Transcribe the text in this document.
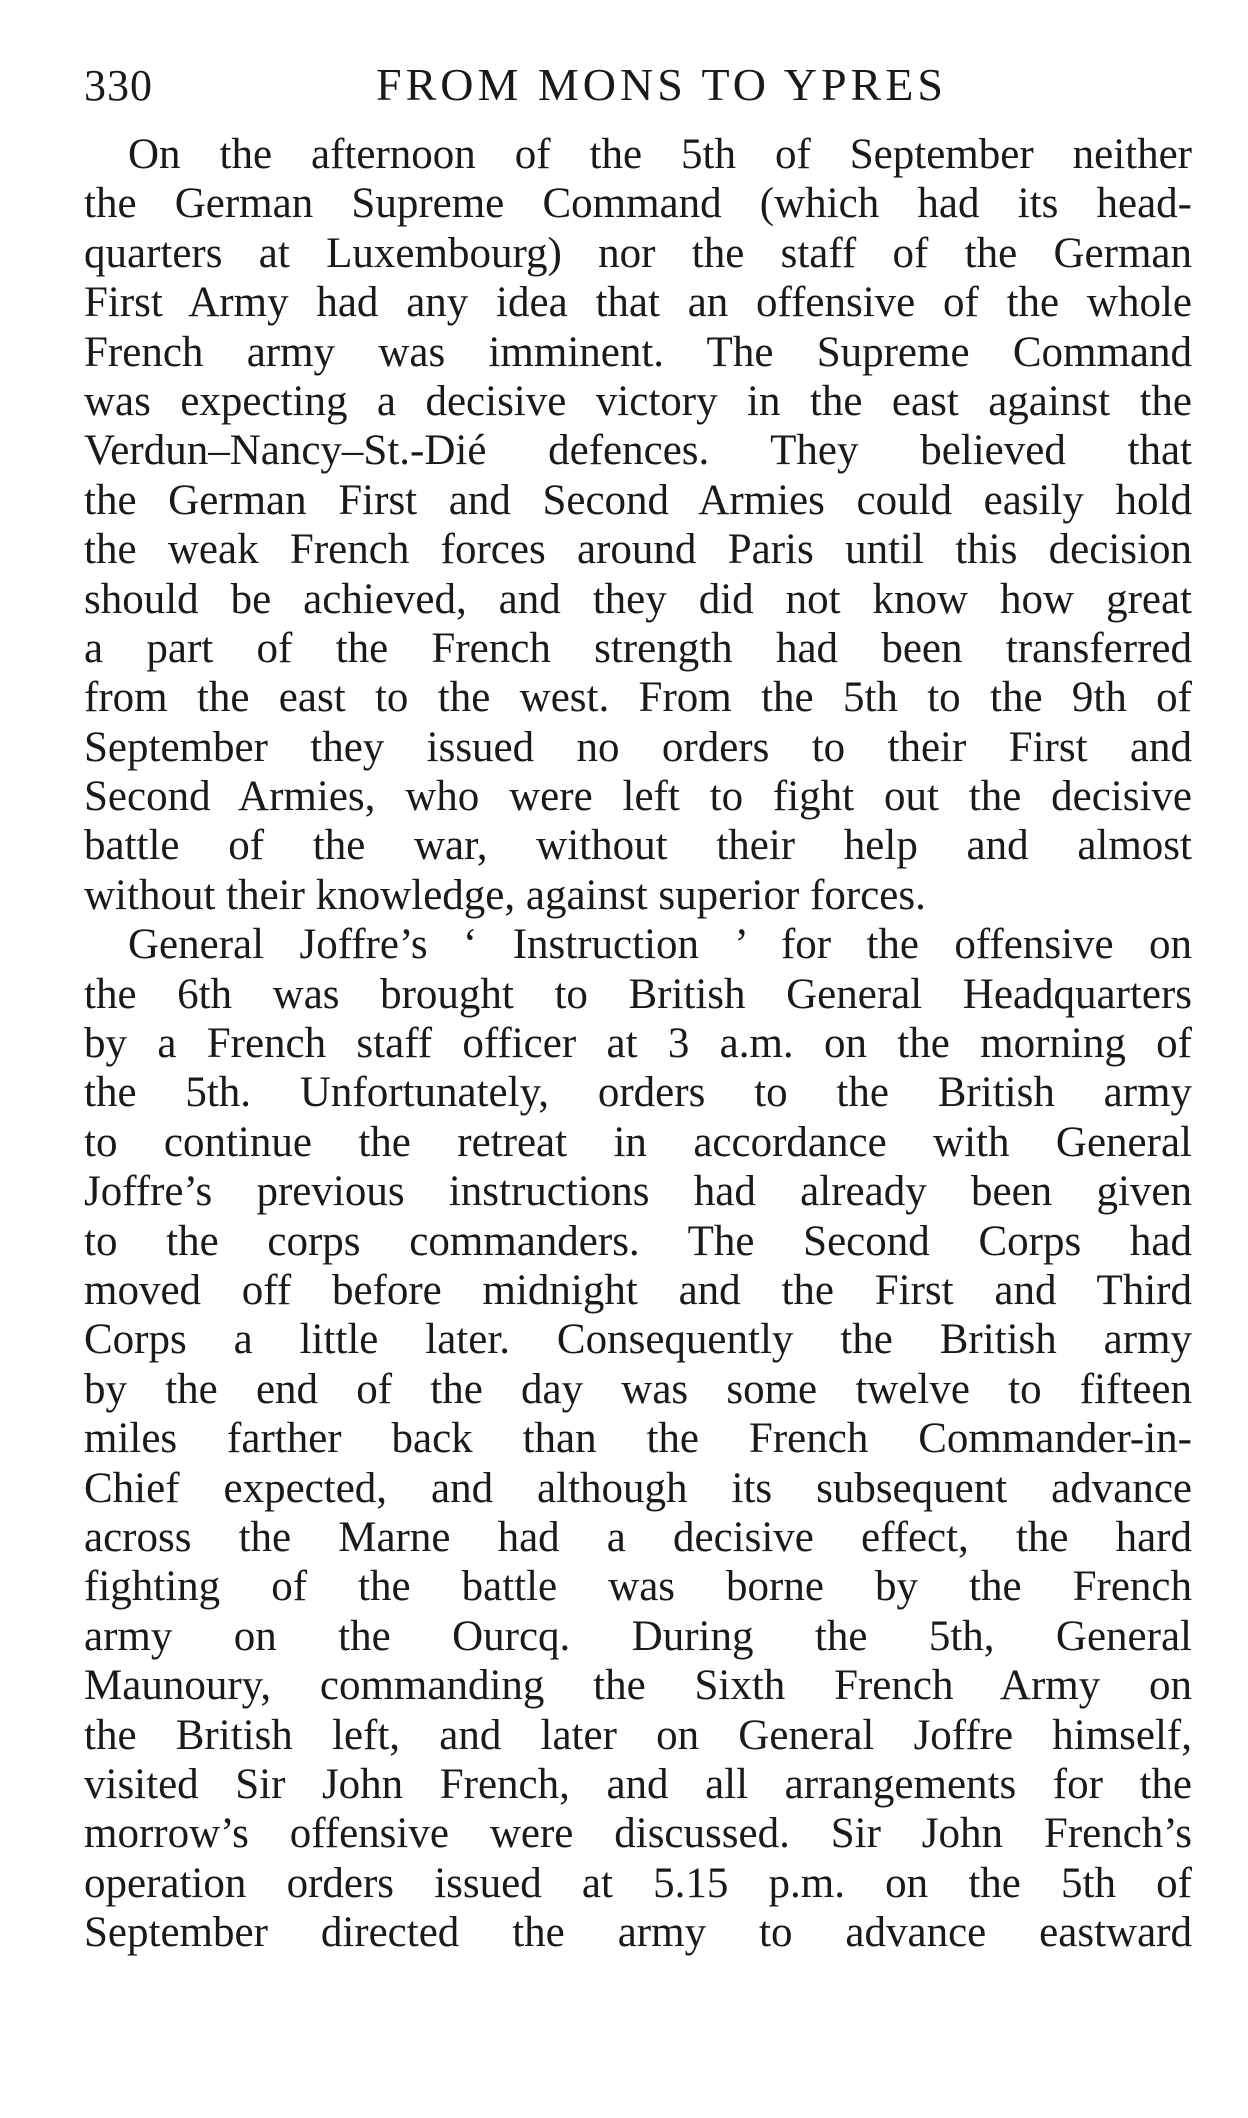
330	FROM MONS TO YPRES
On the afternoon of the 5th of September neither
the German Supreme Command (which had its head-
quarters at Luxembourg) nor the staff of the German
First Army had any idea that an offensive of the whole
French army was imminent. The Supreme Command
was expecting a decisive victory in the east against the
Verdun–Nancy–St.-Dié defences. They believed that
the German First and Second Armies could easily hold
the weak French forces around Paris until this decision
should be achieved, and they did not know how great
a part of the French strength had been transferred
from the east to the west. From the 5th to the 9th of
September they issued no orders to their First and
Second Armies, who were left to fight out the decisive
battle of the war, without their help and almost
without their knowledge, against superior forces.
General Joffre’s ‘ Instruction ’ for the offensive on
the 6th was brought to British General Headquarters
by a French staff officer at 3 a.m. on the morning of
the 5th. Unfortunately, orders to the British army
to continue the retreat in accordance with General
Joffre’s previous instructions had already been given
to the corps commanders. The Second Corps had
moved off before midnight and the First and Third
Corps a little later. Consequently the British army
by the end of the day was some twelve to fifteen
miles farther back than the French Commander-in-
Chief expected, and although its subsequent advance
across the Marne had a decisive effect, the hard
fighting of the battle was borne by the French
army on the Ourcq. During the 5th, General
Maunoury, commanding the Sixth French Army on
the British left, and later on General Joffre himself,
visited Sir John French, and all arrangements for the
morrow’s offensive were discussed. Sir John French’s
operation orders issued at 5.15 p.m. on the 5th of
September directed the army to advance eastward
